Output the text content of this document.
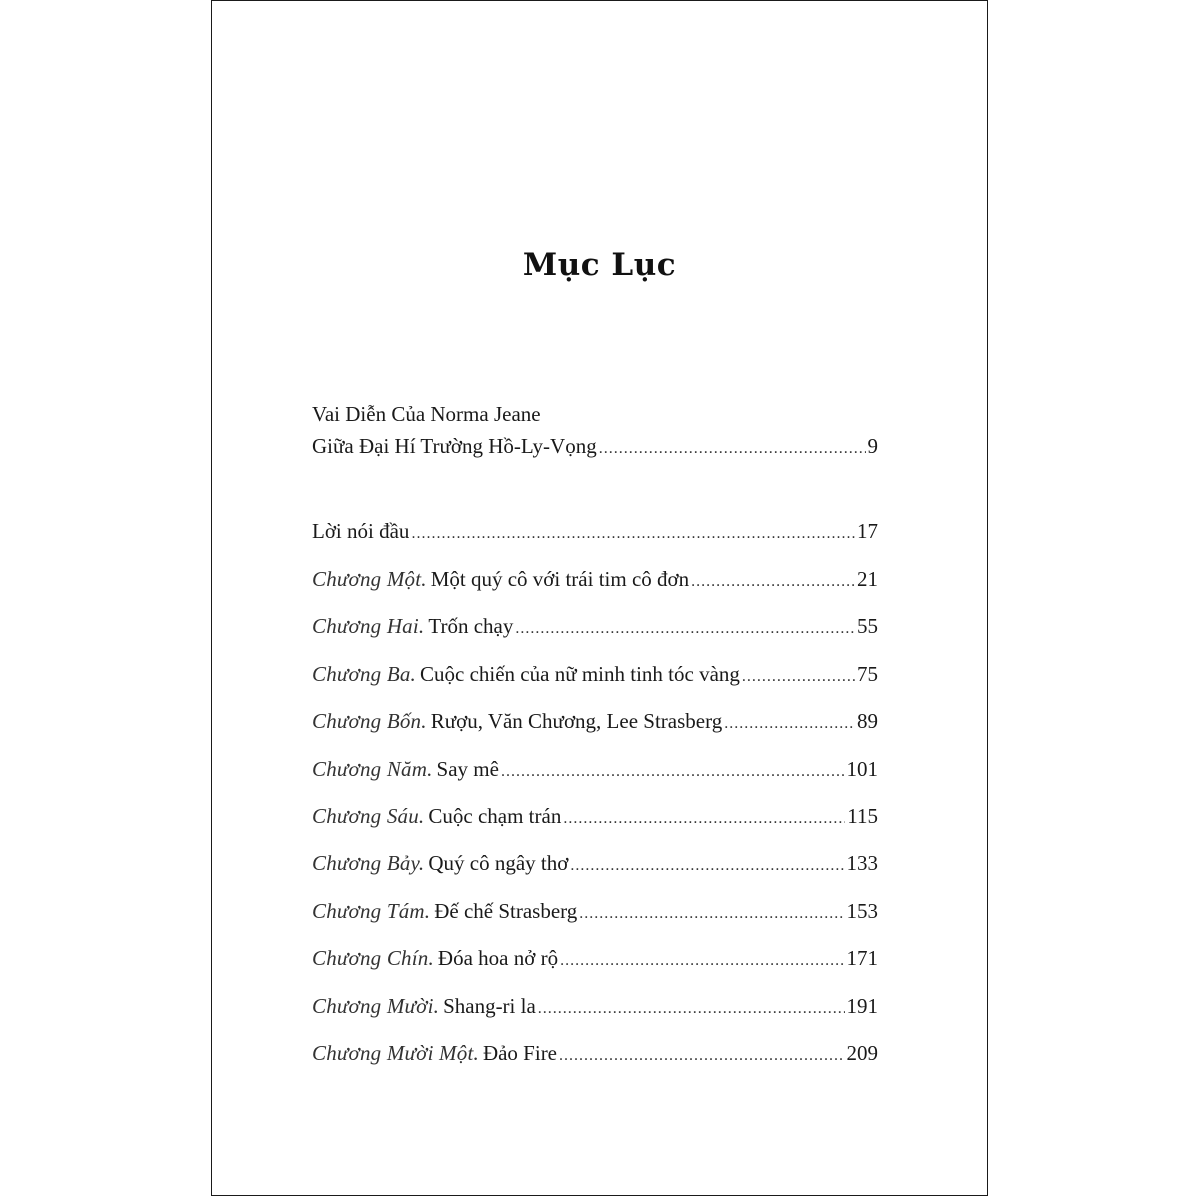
Mục Lục
Vai Diễn Của Norma Jeane
Giữa Đại Hí Trường Hồ-Ly-Vọng .....	9
Lời nói đầu .....	17
Chương Một. Một quý cô với trái tim cô đơn .....	21
Chương Hai. Trốn chạy .....	55
Chương Ba. Cuộc chiến của nữ minh tinh tóc vàng .....	75
Chương Bốn. Rượu, Văn Chương, Lee Strasberg .....	89
Chương Năm. Say mê .....	101
Chương Sáu. Cuộc chạm trán .....	115
Chương Bảy. Quý cô ngây thơ .....	133
Chương Tám. Đế chế Strasberg .....	153
Chương Chín. Đóa hoa nở rộ .....	171
Chương Mười. Shang-ri la .....	191
Chương Mười Một. Đảo Fire .....	209
